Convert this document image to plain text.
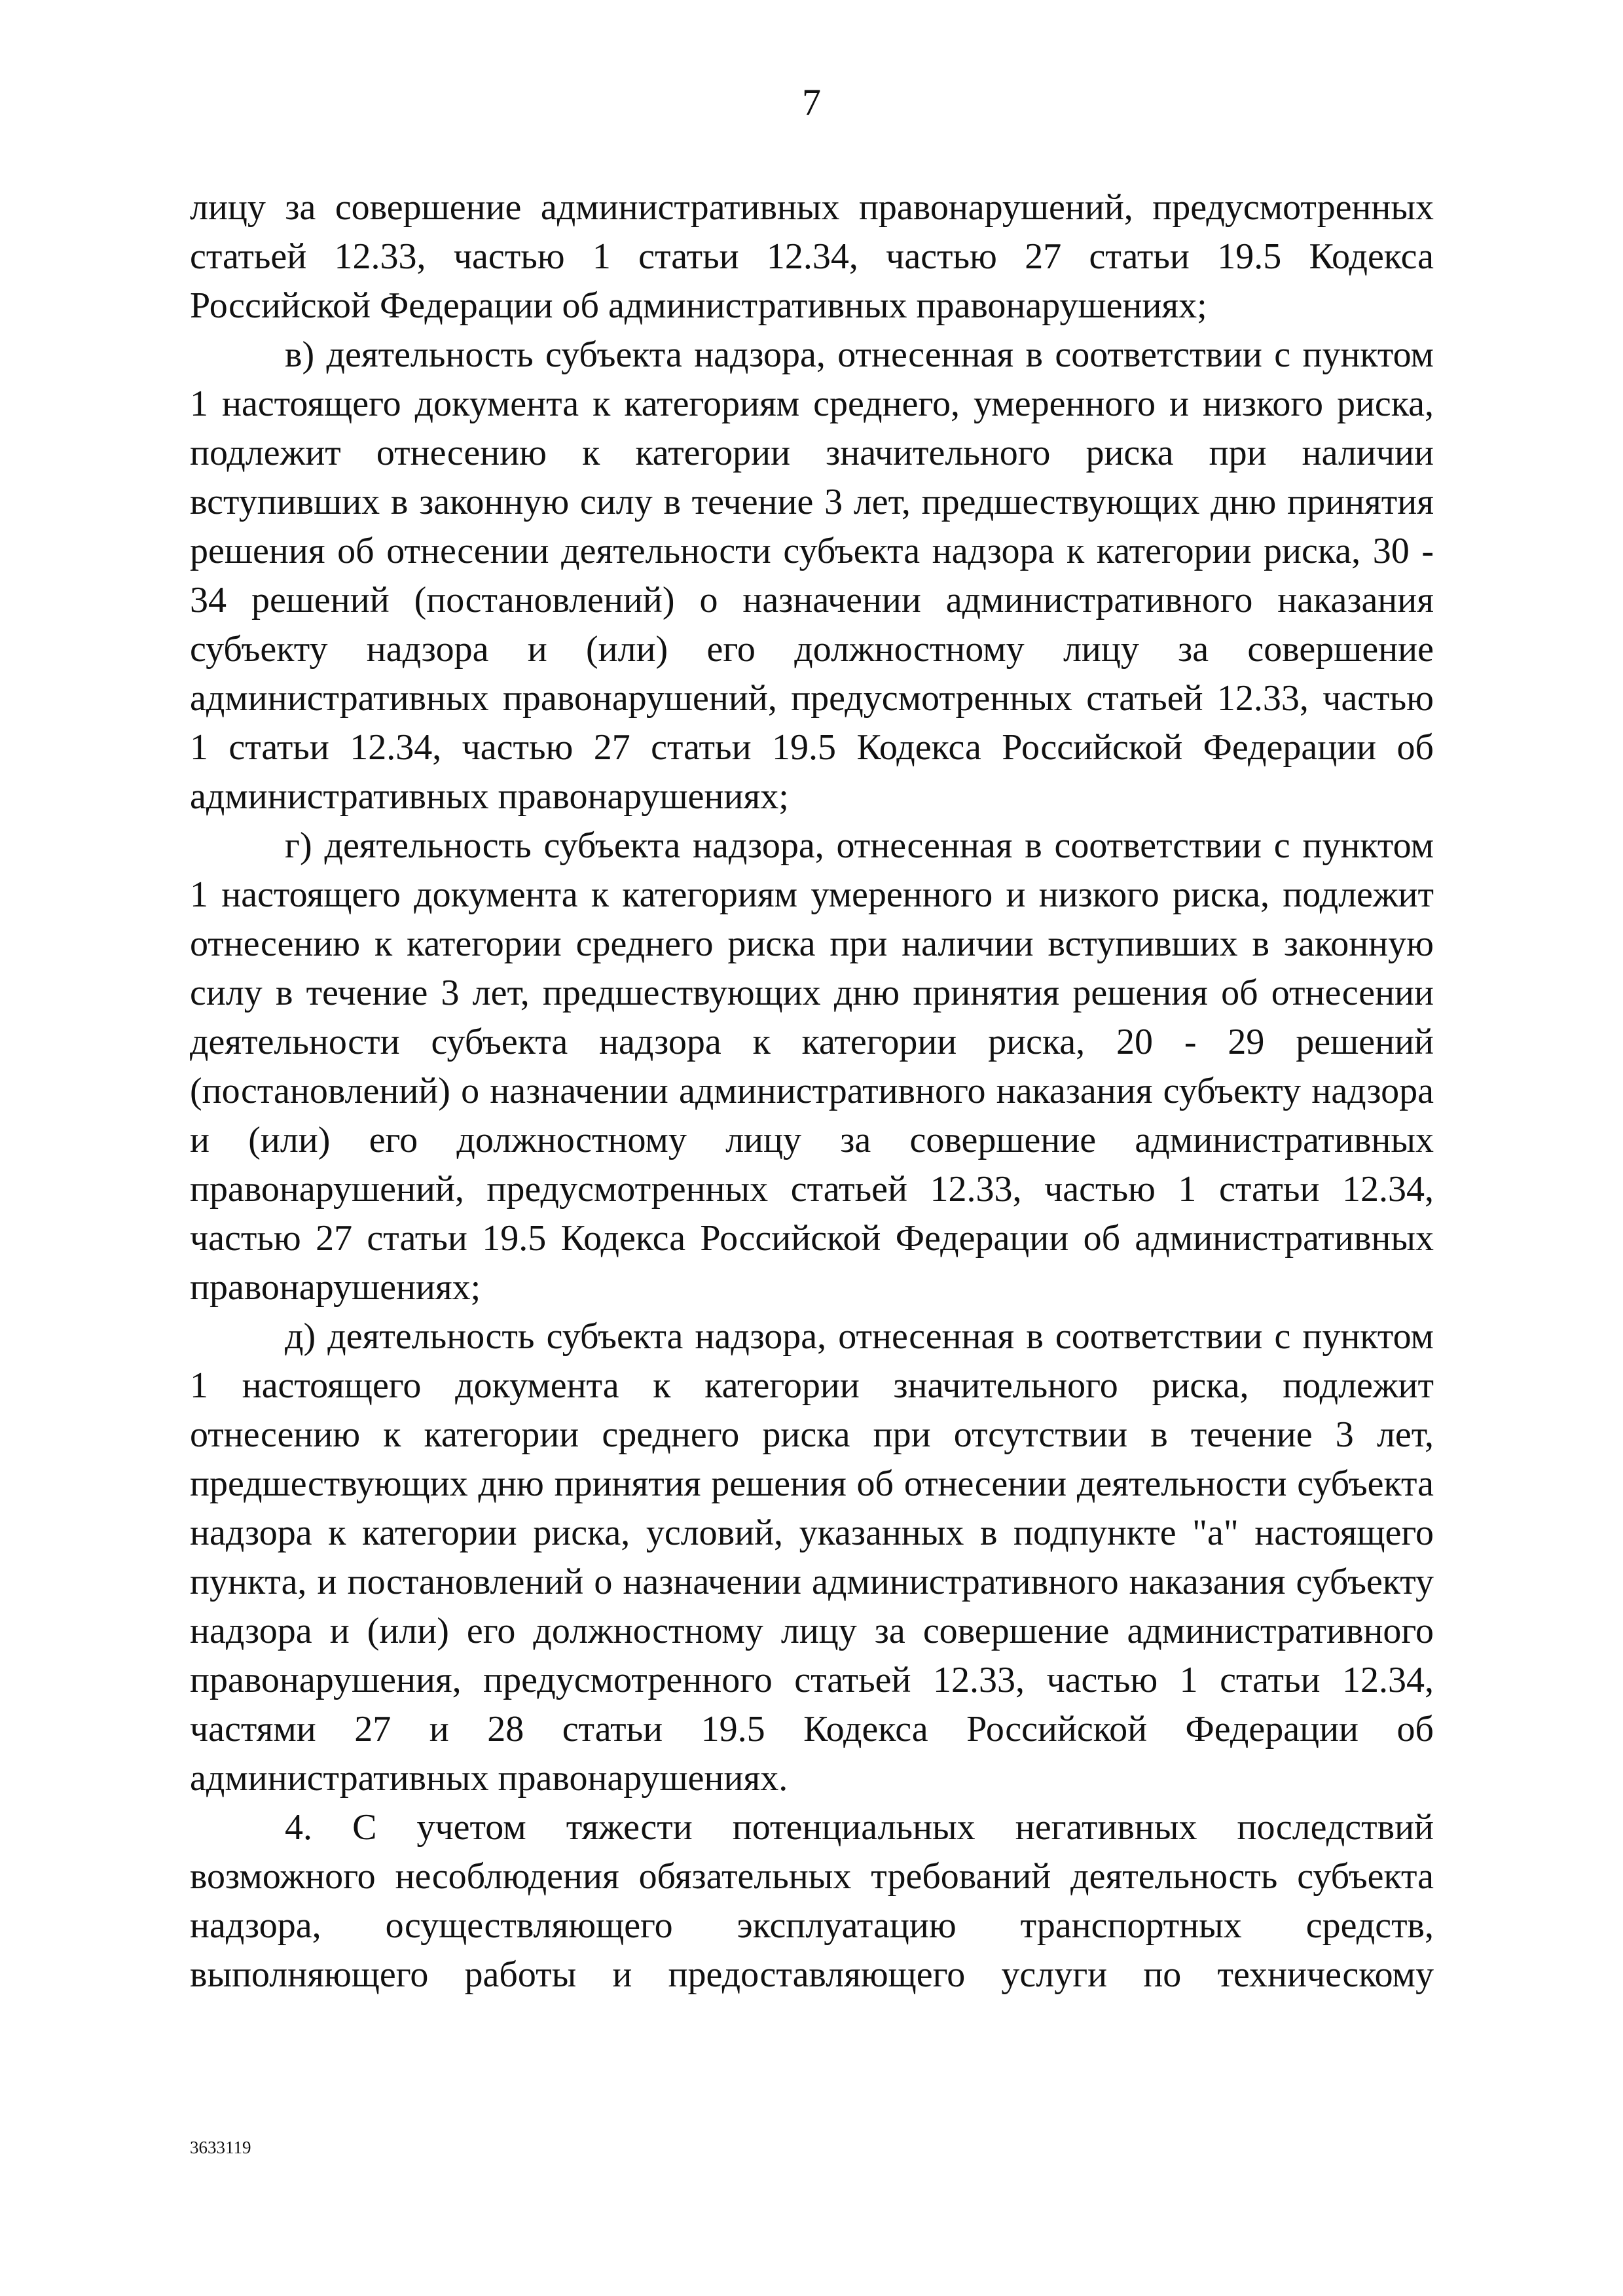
7

лицу за совершение административных правонарушений, предусмотренных статьей 12.33, частью 1 статьи 12.34, частью 27 статьи 19.5 Кодекса Российской Федерации об административных правонарушениях;

в) деятельность субъекта надзора, отнесенная в соответствии с пунктом 1 настоящего документа к категориям среднего, умеренного и низкого риска, подлежит отнесению к категории значительного риска при наличии вступивших в законную силу в течение 3 лет, предшествующих дню принятия решения об отнесении деятельности субъекта надзора к категории риска, 30 - 34 решений (постановлений) о назначении административного наказания субъекту надзора и (или) его должностному лицу за совершение административных правонарушений, предусмотренных статьей 12.33, частью 1 статьи 12.34, частью 27 статьи 19.5 Кодекса Российской Федерации об административных правонарушениях;

г) деятельность субъекта надзора, отнесенная в соответствии с пунктом 1 настоящего документа к категориям умеренного и низкого риска, подлежит отнесению к категории среднего риска при наличии вступивших в законную силу в течение 3 лет, предшествующих дню принятия решения об отнесении деятельности субъекта надзора к категории риска, 20 - 29 решений (постановлений) о назначении административного наказания субъекту надзора и (или) его должностному лицу за совершение административных правонарушений, предусмотренных статьей 12.33, частью 1 статьи 12.34, частью 27 статьи 19.5 Кодекса Российской Федерации об административных правонарушениях;

д) деятельность субъекта надзора, отнесенная в соответствии с пунктом 1 настоящего документа к категории значительного риска, подлежит отнесению к категории среднего риска при отсутствии в течение 3 лет, предшествующих дню принятия решения об отнесении деятельности субъекта надзора к категории риска, условий, указанных в подпункте "а" настоящего пункта, и постановлений о назначении административного наказания субъекту надзора и (или) его должностному лицу за совершение административного правонарушения, предусмотренного статьей 12.33, частью 1 статьи 12.34, частями 27 и 28 статьи 19.5 Кодекса Российской Федерации об административных правонарушениях.

4. С учетом тяжести потенциальных негативных последствий возможного несоблюдения обязательных требований деятельность субъекта надзора, осуществляющего эксплуатацию транспортных средств, выполняющего работы и предоставляющего услуги по техническому

3633119
